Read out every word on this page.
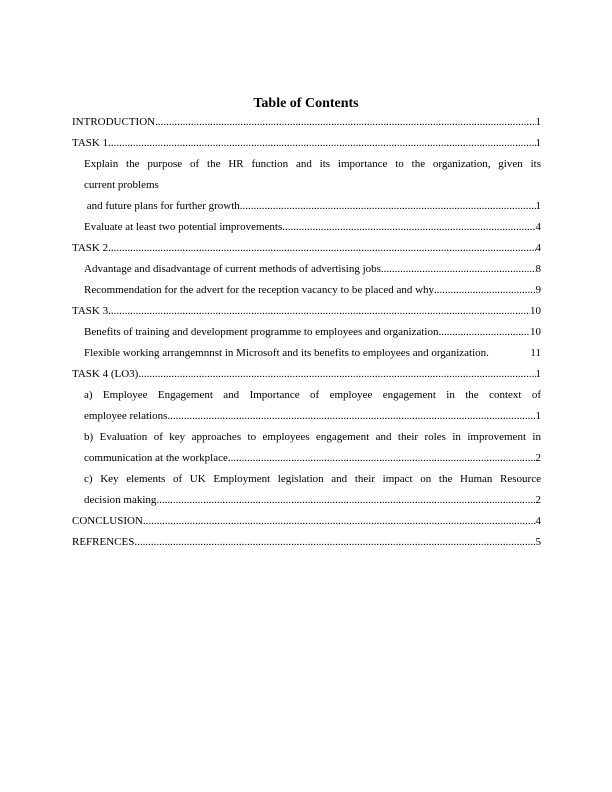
Table of Contents
INTRODUCTION .....	1
TASK 1 .....	1
Explain the purpose of the HR function and its importance to the organization, given its
current problems
and future plans for further growth .....	1
Evaluate at least two potential improvements .....	4
TASK 2 .....	4
Advantage and disadvantage of current methods of advertising jobs .....	8
Recommendation for the advert for the reception vacancy to be placed and why .....	9
TASK 3 .....	10
Benefits of training and development programme to employees and organization .....	10
Flexible working arrangemnnst in Microsoft and its benefits to employees and organization.	11
TASK 4 (LO3) .....	1
a) Employee Engagement and Importance of employee engagement in the context of
employee relations .....	1
b) Evaluation of key approaches to employees engagement and their roles in improvement in
communication at the workplace .....	2
c) Key elements of UK Employment legislation and their impact on the Human Resource
decision making .....	2
CONCLUSION .....	4
REFRENCES .....	5
